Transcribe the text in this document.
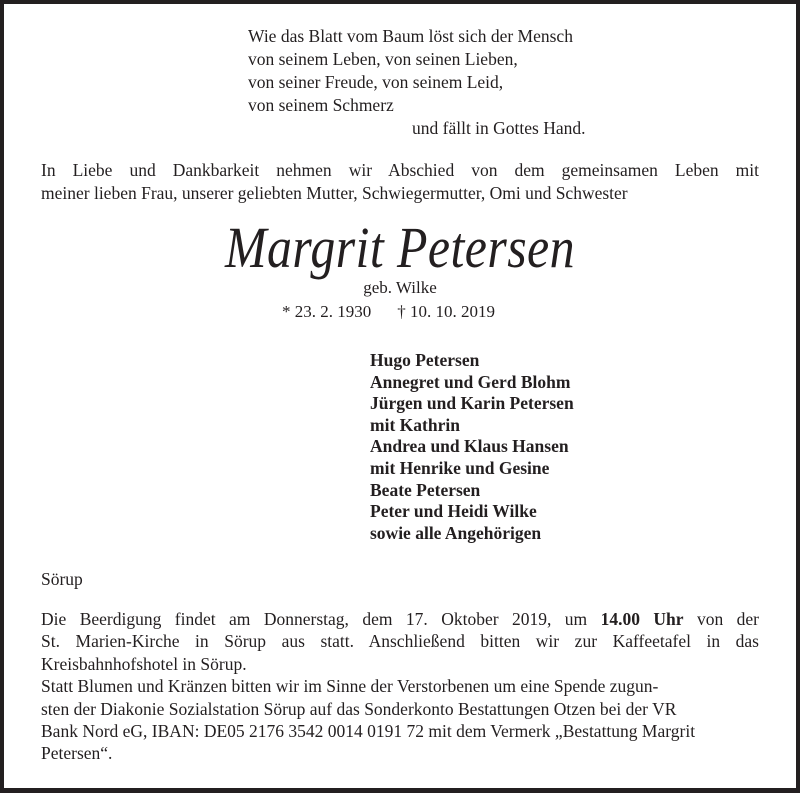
Wie das Blatt vom Baum löst sich der Mensch
von seinem Leben, von seinen Lieben,
von seiner Freude, von seinem Leid,
von seinem Schmerz
und fällt in Gottes Hand.
In Liebe und Dankbarkeit nehmen wir Abschied von dem gemeinsamen Leben mit
meiner lieben Frau, unserer geliebten Mutter, Schwiegermutter, Omi und Schwester
Margrit Petersen
geb. Wilke
* 23. 2. 1930 † 10. 10. 2019
Hugo Petersen
Annegret und Gerd Blohm
Jürgen und Karin Petersen
mit Kathrin
Andrea und Klaus Hansen
mit Henrike und Gesine
Beate Petersen
Peter und Heidi Wilke
sowie alle Angehörigen
Sörup
Die Beerdigung findet am Donnerstag, dem 17. Oktober 2019, um 14.00 Uhr von der
St. Marien-Kirche in Sörup aus statt. Anschließend bitten wir zur Kaffeetafel in das
Kreisbahnhofshotel in Sörup.
Statt Blumen und Kränzen bitten wir im Sinne der Verstorbenen um eine Spende zugun-
sten der Diakonie Sozialstation Sörup auf das Sonderkonto Bestattungen Otzen bei der VR
Bank Nord eG, IBAN: DE05 2176 3542 0014 0191 72 mit dem Vermerk „Bestattung Margrit
Petersen“.
